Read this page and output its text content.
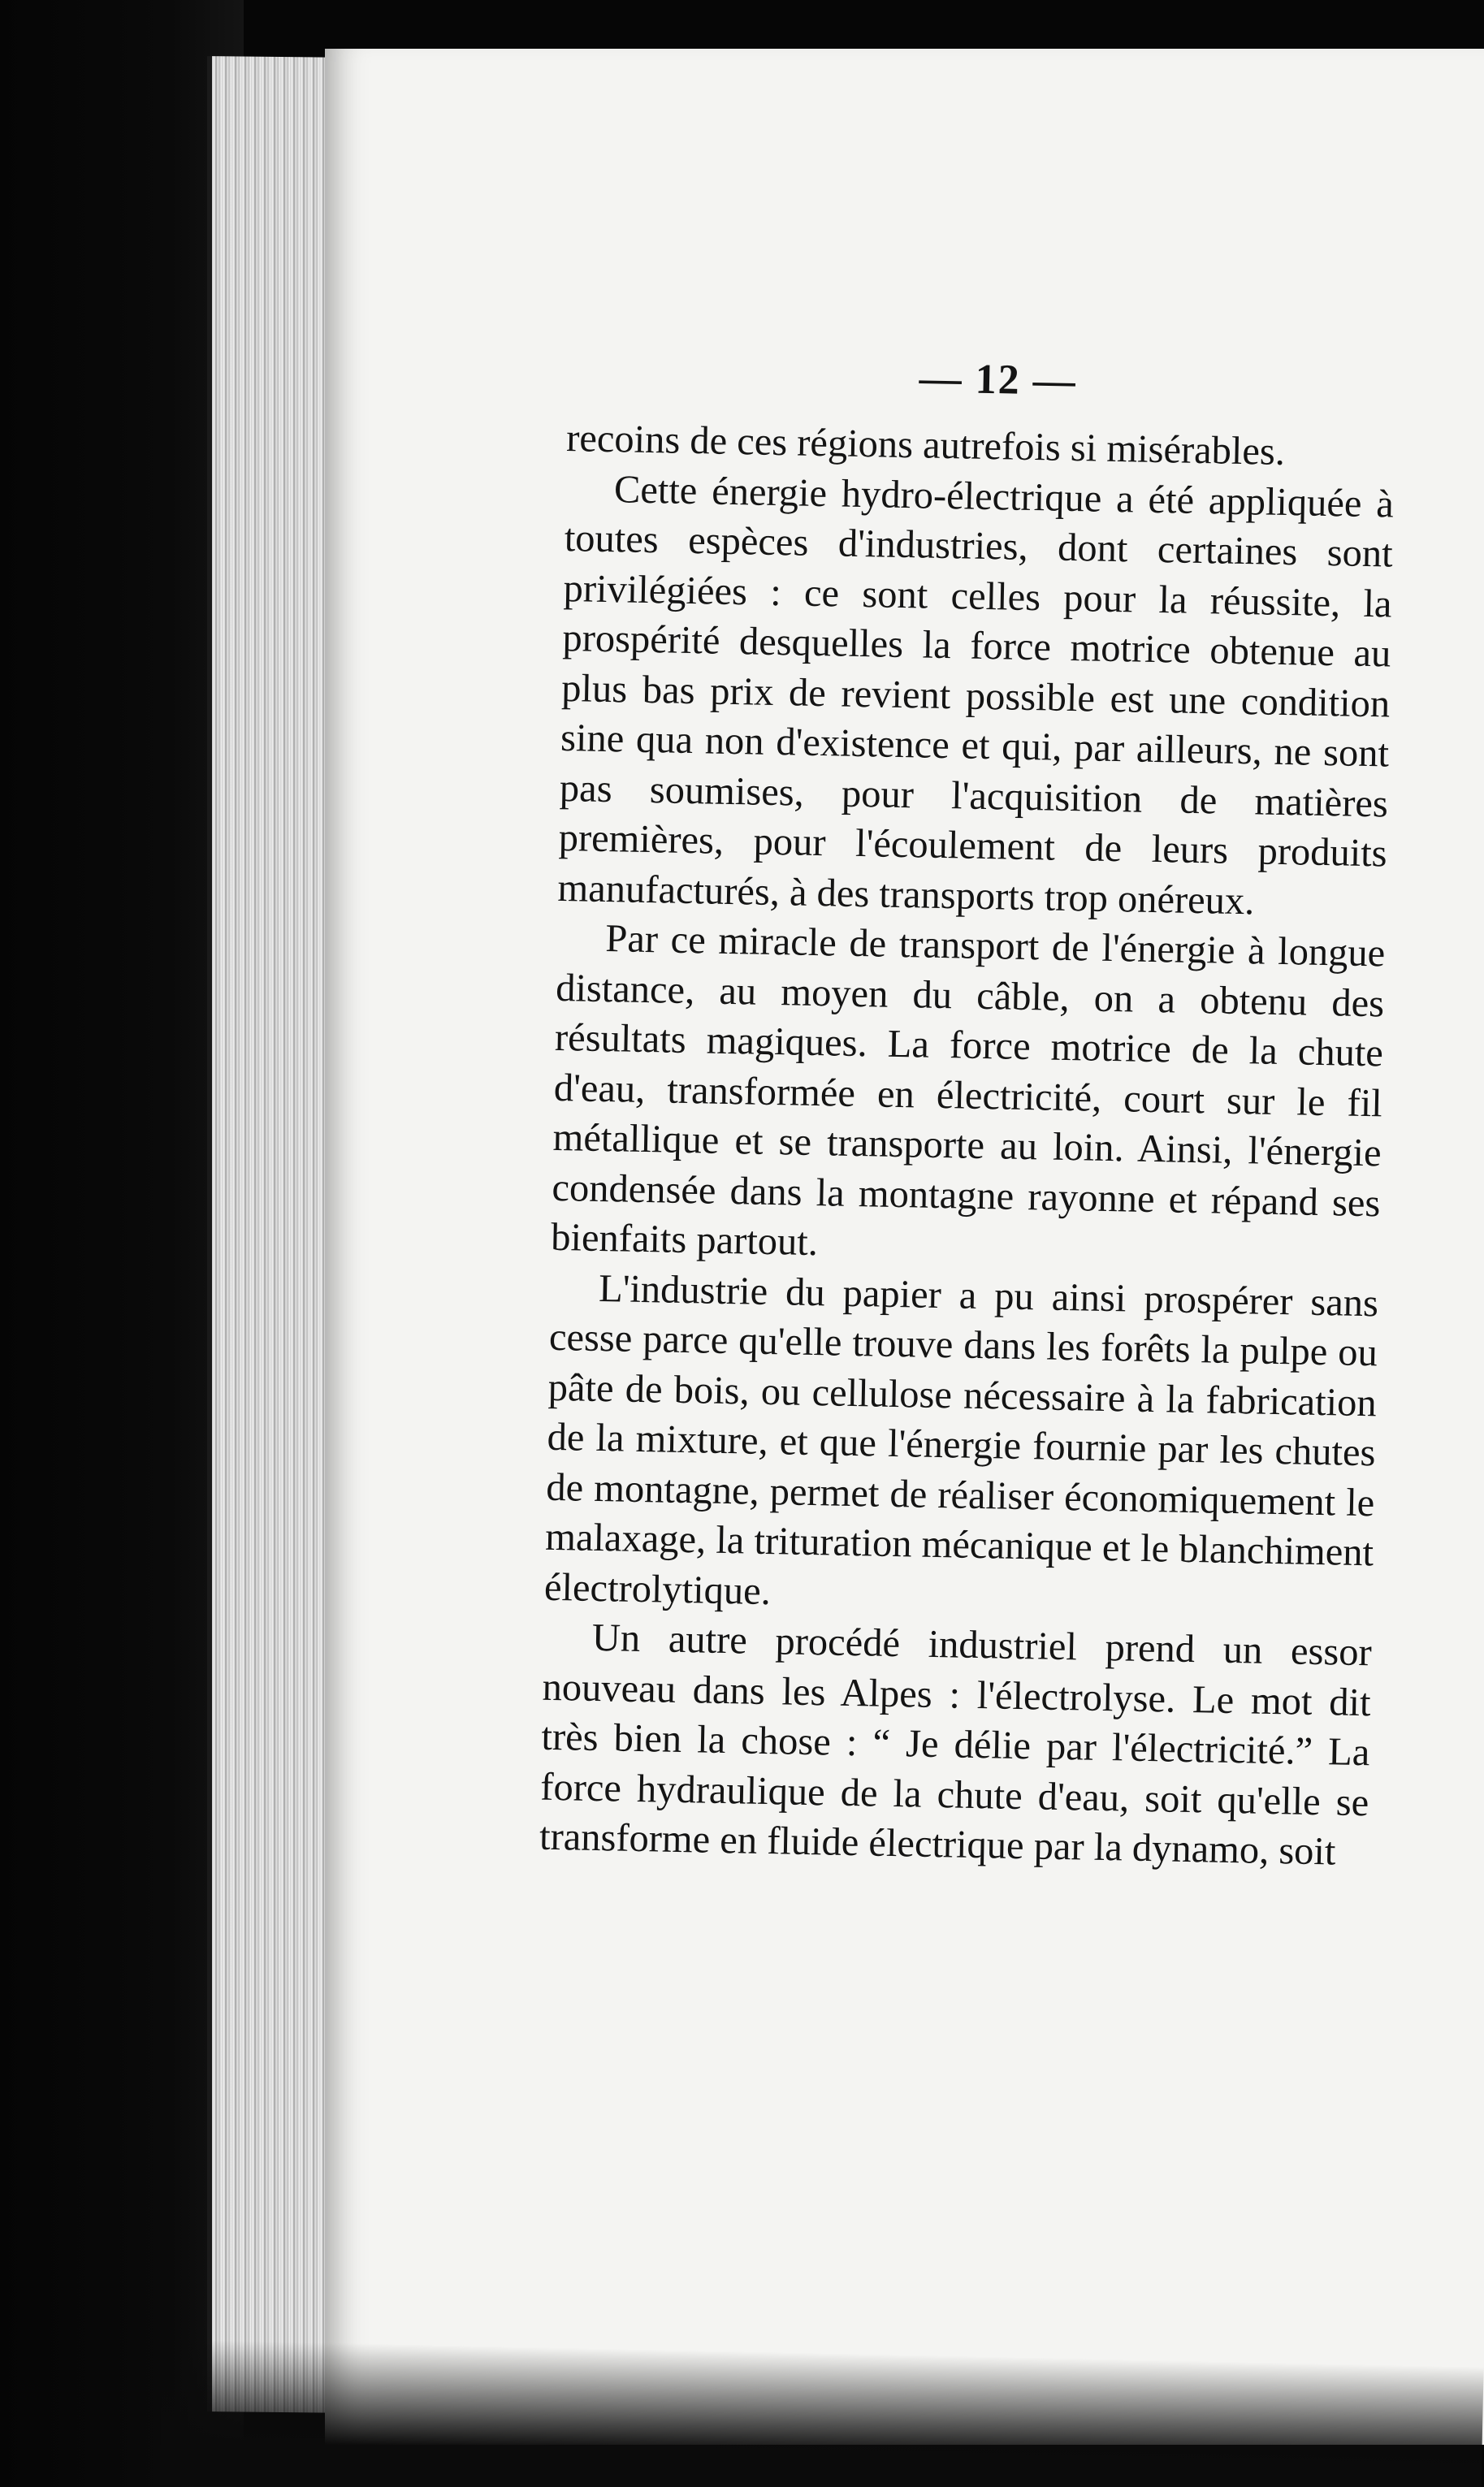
— 12 —

recoins de ces régions autrefois si misérables.

Cette énergie hydro-électrique a été appliquée à toutes espèces d'industries, dont certaines sont privilégiées : ce sont celles pour la réussite, la prospérité desquelles la force motrice obtenue au plus bas prix de revient possible est une condition sine qua non d'existence et qui, par ailleurs, ne sont pas soumises, pour l'acquisition de matières premières, pour l'écoulement de leurs produits manufacturés, à des transports trop onéreux.

Par ce miracle de transport de l'énergie à longue distance, au moyen du câble, on a obtenu des résultats magiques. La force motrice de la chute d'eau, transformée en électricité, court sur le fil métallique et se transporte au loin. Ainsi, l'énergie condensée dans la montagne rayonne et répand ses bienfaits partout.

L'industrie du papier a pu ainsi prospérer sans cesse parce qu'elle trouve dans les forêts la pulpe ou pâte de bois, ou cellulose nécessaire à la fabrication de la mixture, et que l'énergie fournie par les chutes de montagne, permet de réaliser économiquement le malaxage, la trituration mécanique et le blanchiment électrolytique.

Un autre procédé industriel prend un essor nouveau dans les Alpes : l'électrolyse. Le mot dit très bien la chose : “ Je délie par l'électricité.” La force hydraulique de la chute d'eau, soit qu'elle se transforme en fluide électrique par la dynamo, soit
